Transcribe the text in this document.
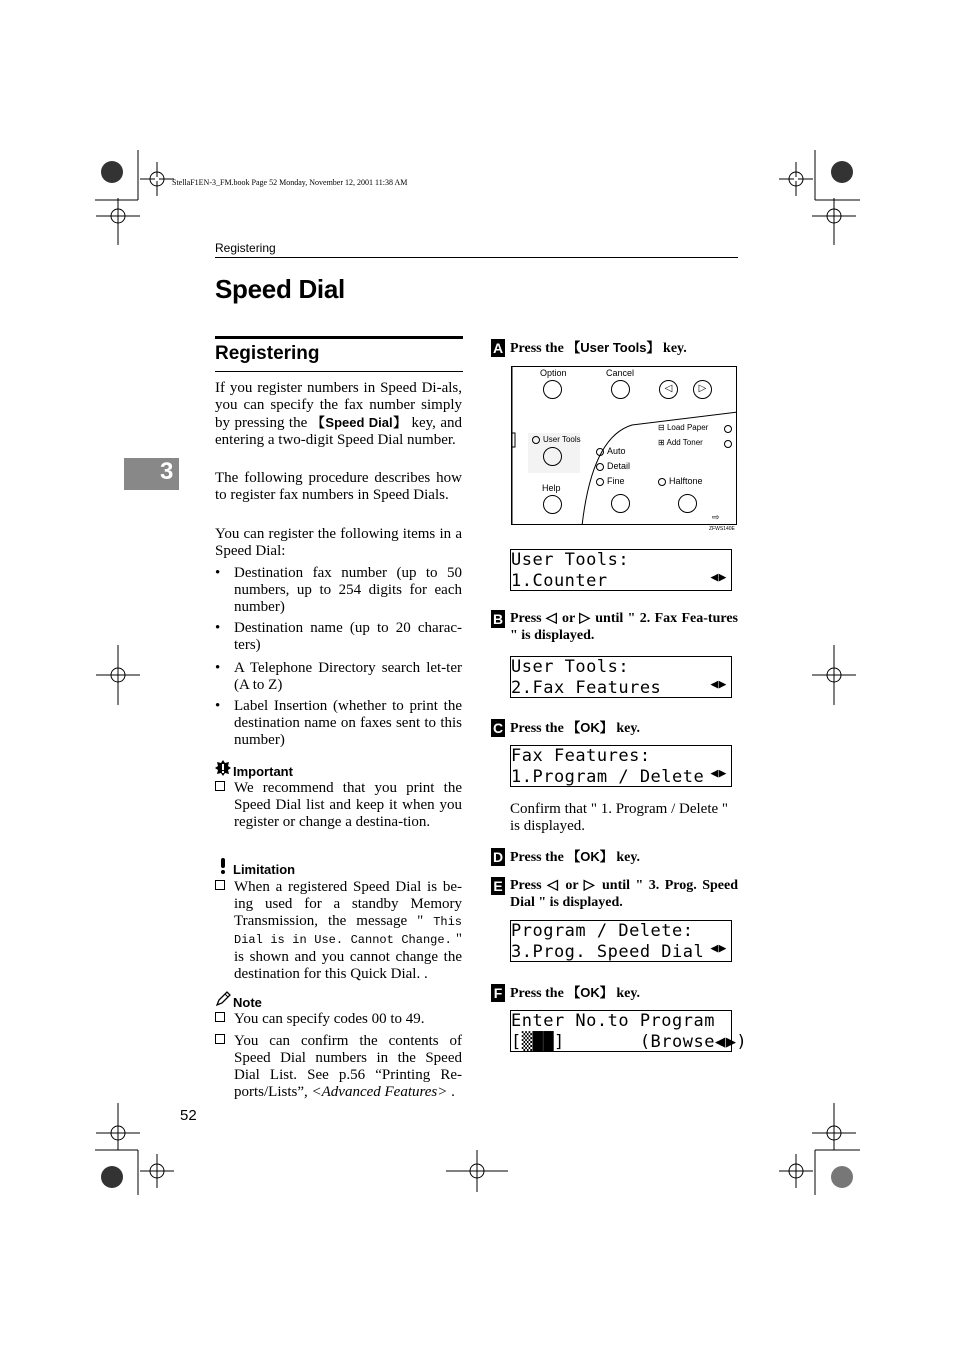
StellaF1EN-3_FM.book Page 52 Monday, November 12, 2001 11:38 AM
Registering
Speed Dial
3
Registering
If you register numbers in Speed Di-als, you can specify the fax number simply by pressing the 【Speed Dial】 key, and entering a two-digit Speed Dial number.
The following procedure describes how to register fax numbers in Speed Dials.
You can register the following items in a Speed Dial:
• Destination fax number (up to 50 numbers, up to 254 digits for each number)
• Destination name (up to 20 charac-ters)
• A Telephone Directory search let-ter (A to Z)
• Label Insertion (whether to print the destination name on faxes sent to this number)
Important
We recommend that you print the Speed Dial list and keep it when you register or change a destina-tion.
Limitation
When a registered Speed Dial is be-ing used for a standby Memory Transmission, the message " This Dial is in Use. Cannot Change. " is shown and you cannot change the destination for this Quick Dial. .
Note
You can specify codes 00 to 49.
You can confirm the contents of Speed Dial numbers in the Speed Dial List. See p.56 “Printing Re-ports/Lists”, <Advanced Features> .
52
A Press the 【User Tools】 key.
Option	Cancel
◁	▷
User Tools
Help
Auto
Detail
Fine
⊟ Load Paper
⊞ Add Toner
Halftone
⇨
ZFWS140E
User Tools:
1.Counter	◀▶
B Press ◁ or ▷ until " 2. Fax Fea-tures " is displayed.
User Tools:
2.Fax Features	◀▶
C Press the 【OK】 key.
Fax Features:
1.Program / Delete ◀▶
Confirm that " 1. Program / Delete " is displayed.
D Press the 【OK】 key.
E Press ◁ or ▷ until " 3. Prog. Speed Dial " is displayed.
Program / Delete:
3.Prog. Speed Dial ◀▶
F Press the 【OK】 key.
Enter No.to Program
[▒██]       (Browse◀▶)
